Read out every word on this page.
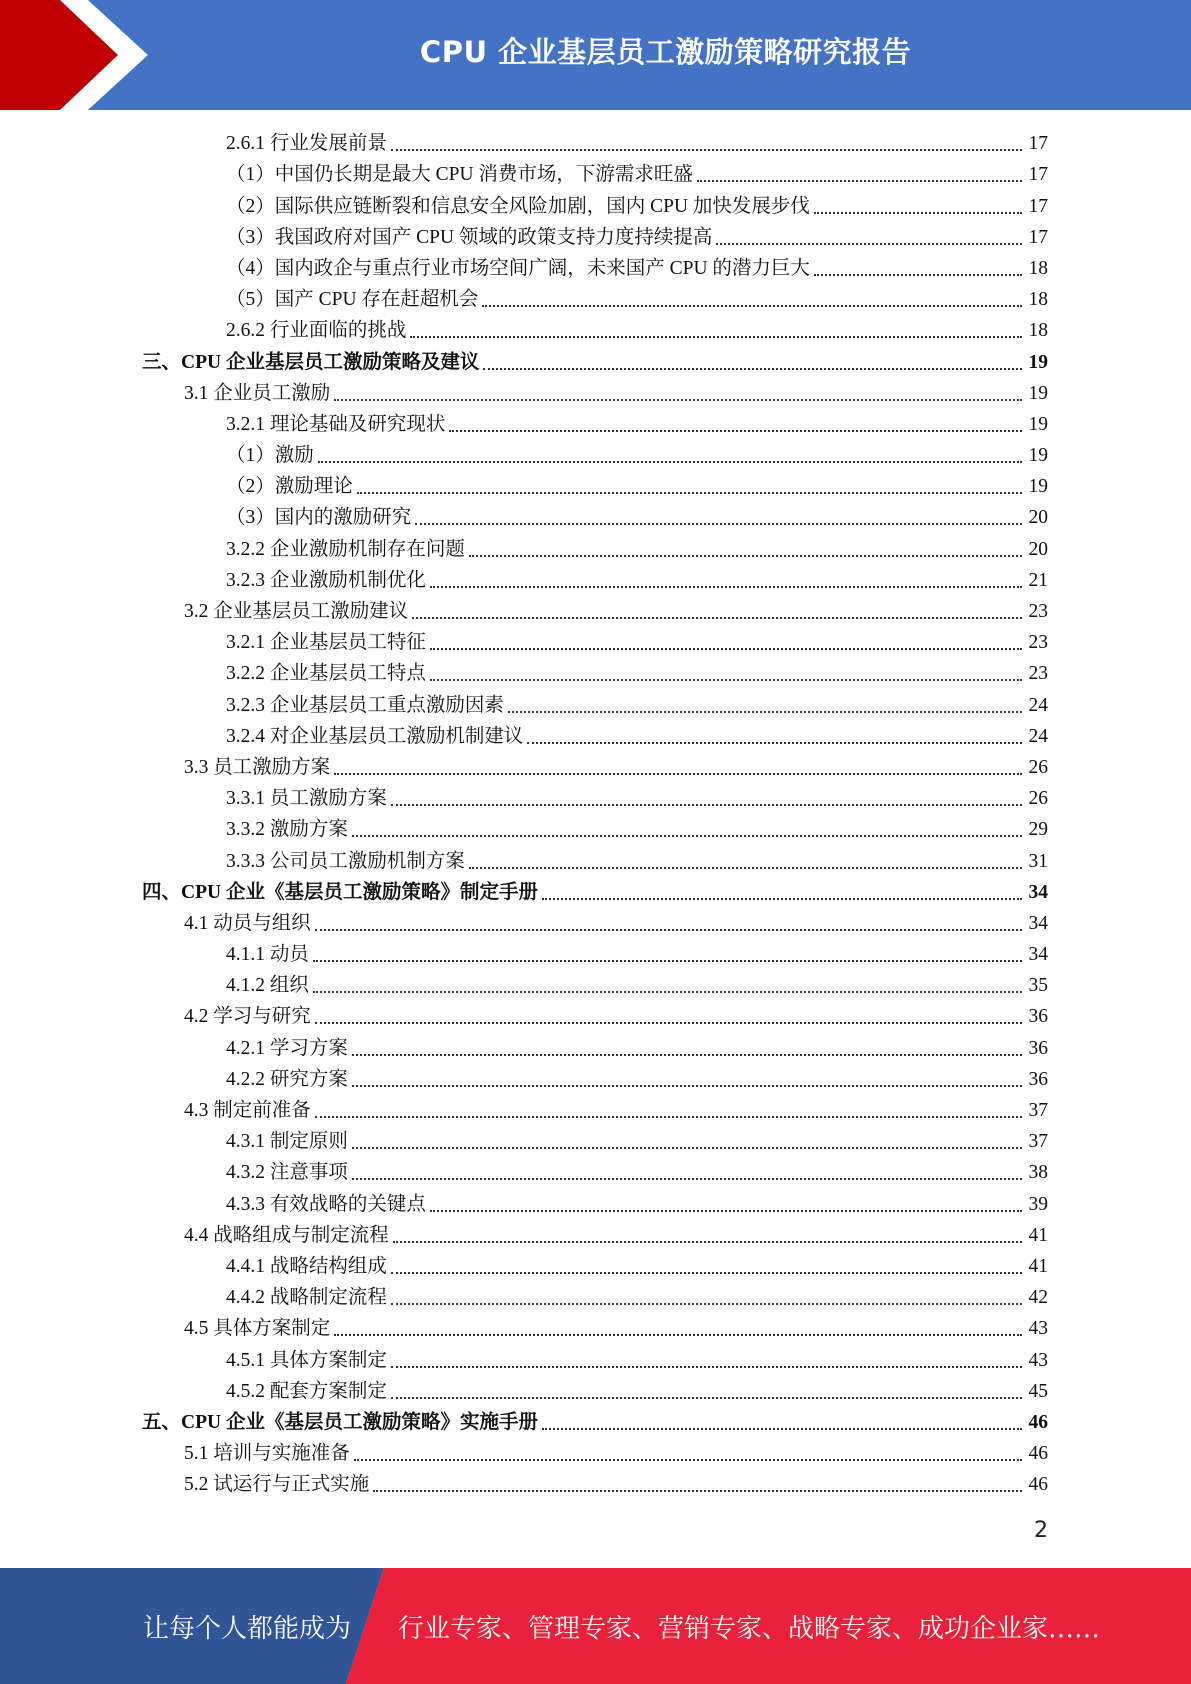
CPU 企业基层员工激励策略研究报告
2.6.1 行业发展前景	17
（1）中国仍长期是最大 CPU 消费市场，下游需求旺盛	17
（2）国际供应链断裂和信息安全风险加剧，国内 CPU 加快发展步伐	17
（3）我国政府对国产 CPU 领域的政策支持力度持续提高	17
（4）国内政企与重点行业市场空间广阔，未来国产 CPU 的潜力巨大	18
（5）国产 CPU 存在赶超机会	18
2.6.2 行业面临的挑战	18
三、CPU 企业基层员工激励策略及建议	19
3.1 企业员工激励	19
3.2.1 理论基础及研究现状	19
（1）激励	19
（2）激励理论	19
（3）国内的激励研究	20
3.2.2 企业激励机制存在问题	20
3.2.3 企业激励机制优化	21
3.2 企业基层员工激励建议	23
3.2.1 企业基层员工特征	23
3.2.2 企业基层员工特点	23
3.2.3 企业基层员工重点激励因素	24
3.2.4 对企业基层员工激励机制建议	24
3.3 员工激励方案	26
3.3.1 员工激励方案	26
3.3.2 激励方案	29
3.3.3 公司员工激励机制方案	31
四、CPU 企业《基层员工激励策略》制定手册	34
4.1 动员与组织	34
4.1.1 动员	34
4.1.2 组织	35
4.2 学习与研究	36
4.2.1 学习方案	36
4.2.2 研究方案	36
4.3 制定前准备	37
4.3.1 制定原则	37
4.3.2 注意事项	38
4.3.3 有效战略的关键点	39
4.4 战略组成与制定流程	41
4.4.1 战略结构组成	41
4.4.2 战略制定流程	42
4.5 具体方案制定	43
4.5.1 具体方案制定	43
4.5.2 配套方案制定	45
五、CPU 企业《基层员工激励策略》实施手册	46
5.1 培训与实施准备	46
5.2 试运行与正式实施	46
2
让每个人都能成为 行业专家、管理专家、营销专家、战略专家、成功企业家……
